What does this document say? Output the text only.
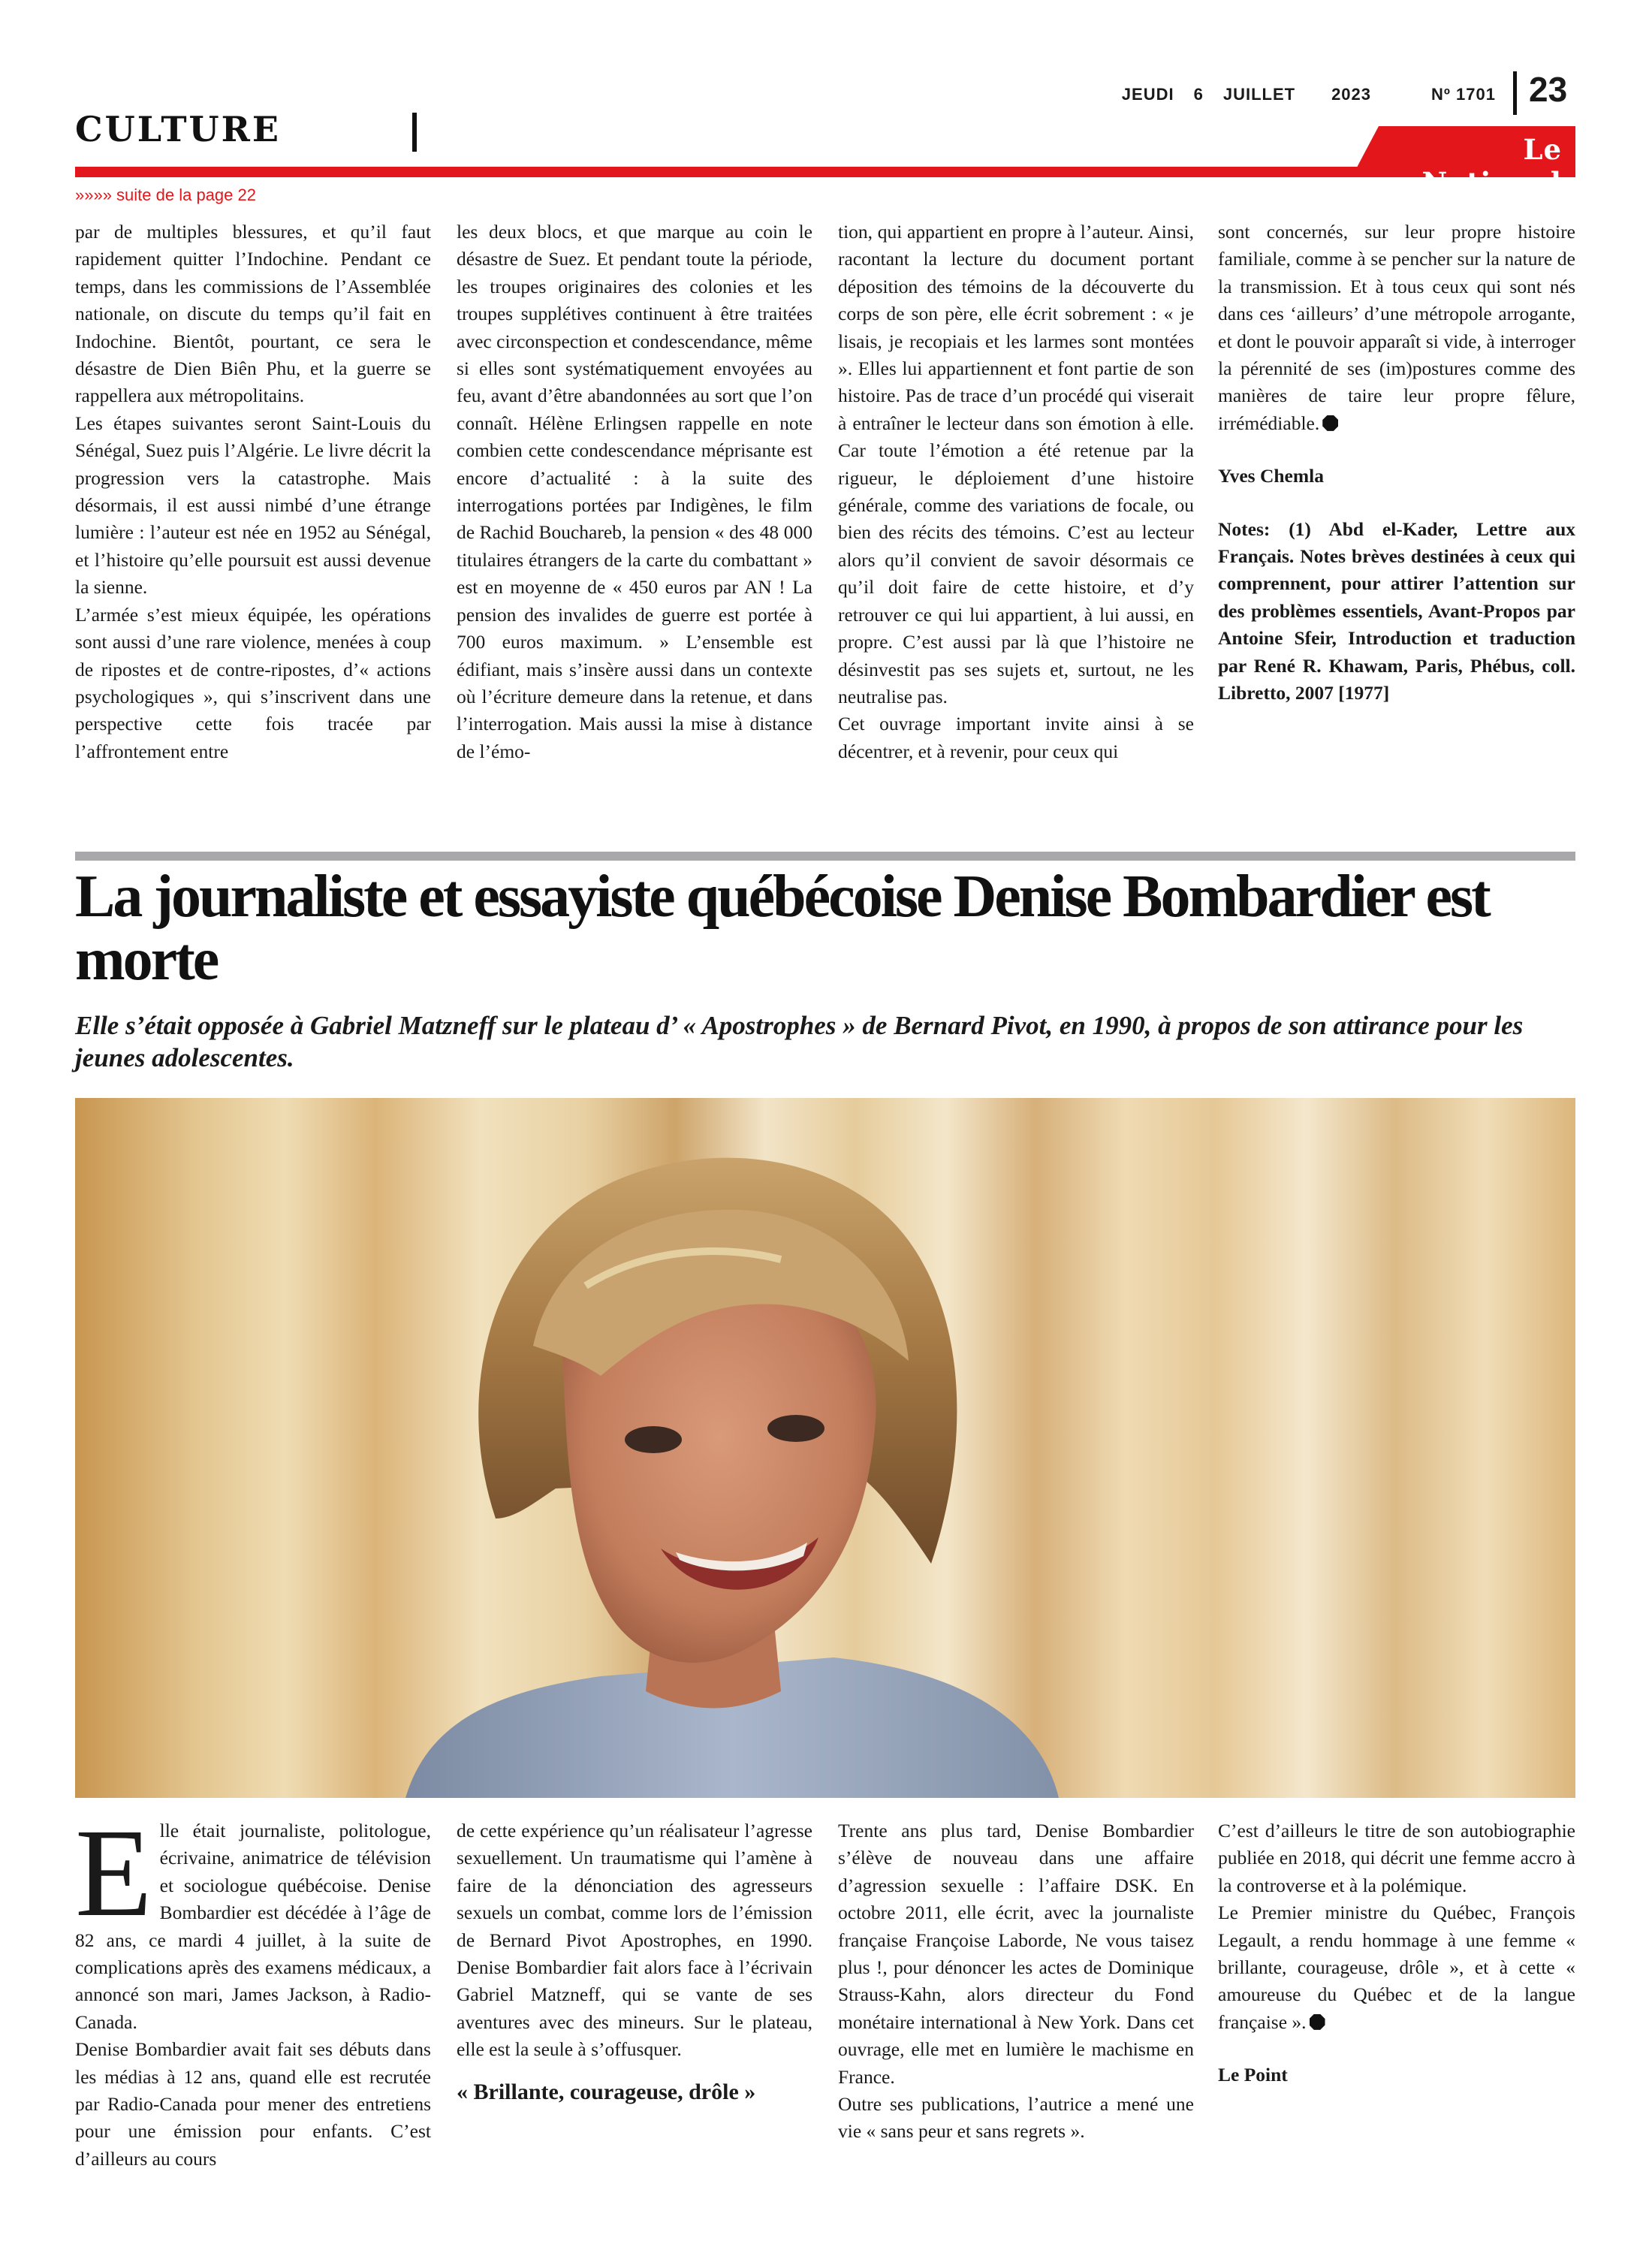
CULTURE
JEUDI 6 JUILLET 2023	Nº 1701 23
Le National
»»»» suite de la page 22

par de multiples blessures, et qu’il faut rapidement quitter l’Indochine. Pendant ce temps, dans les commissions de l’Assemblée nationale, on discute du temps qu’il fait en Indochine. Bientôt, pourtant, ce sera le désastre de Dien Biên Phu, et la guerre se rappellera aux métropolitains.

Les étapes suivantes seront Saint-Louis du Sénégal, Suez puis l’Algérie. Le livre décrit la progression vers la catastrophe. Mais désormais, il est aussi nimbé d’une étrange lumière : l’auteur est née en 1952 au Sénégal, et l’histoire qu’elle poursuit est aussi devenue la sienne.

L’armée s’est mieux équipée, les opérations sont aussi d’une rare violence, menées à coup de ripostes et de contre-ripostes, d’« actions psychologiques », qui s’inscrivent dans une perspective cette fois tracée par l’affrontement entre

les deux blocs, et que marque au coin le désastre de Suez. Et pendant toute la période, les troupes originaires des colonies et les troupes supplétives continuent à être traitées avec circonspection et condescendance, même si elles sont systématiquement envoyées au feu, avant d’être abandonnées au sort que l’on connaît. Hélène Erlingsen rappelle en note combien cette condescendance méprisante est encore d’actualité : à la suite des interrogations portées par Indigènes, le film de Rachid Bouchareb, la pension « des 48 000 titulaires étrangers de la carte du combattant » est en moyenne de « 450 euros par AN ! La pension des invalides de guerre est portée à 700 euros maximum. » L’ensemble est édifiant, mais s’insère aussi dans un contexte où l’écriture demeure dans la retenue, et dans l’interrogation. Mais aussi la mise à distance de l’émo-

tion, qui appartient en propre à l’auteur. Ainsi, racontant la lecture du document portant déposition des témoins de la découverte du corps de son père, elle écrit sobrement : « je lisais, je recopiais et les larmes sont montées ». Elles lui appartiennent et font partie de son histoire. Pas de trace d’un procédé qui viserait à entraîner le lecteur dans son émotion à elle. Car toute l’émotion a été retenue par la rigueur, le déploiement d’une histoire générale, comme des variations de focale, ou bien des récits des témoins. C’est au lecteur alors qu’il convient de savoir désormais ce qu’il doit faire de cette histoire, et d’y retrouver ce qui lui appartient, à lui aussi, en propre. C’est aussi par là que l’histoire ne désinvestit pas ses sujets et, surtout, ne les neutralise pas.

Cet ouvrage important invite ainsi à se décentrer, et à revenir, pour ceux qui

sont concernés, sur leur propre histoire familiale, comme à se pencher sur la nature de la transmission. Et à tous ceux qui sont nés dans ces ‘ailleurs’ d’une métropole arrogante, et dont le pouvoir apparaît si vide, à interroger la pérennité de ses (im)postures comme des manières de taire leur propre fêlure, irrémédiable.

Yves Chemla

Notes: (1) Abd el-Kader, Lettre aux Français. Notes brèves destinées à ceux qui comprennent, pour attirer l’attention sur des problèmes essentiels, Avant-Propos par Antoine Sfeir, Introduction et traduction par René R. Khawam, Paris, Phébus, coll. Libretto, 2007 [1977]

La journaliste et essayiste québécoise Denise Bombardier est morte
Elle s’était opposée à Gabriel Matzneff sur le plateau d’ « Apostrophes » de Bernard Pivot, en 1990, à propos de son attirance pour les jeunes adolescentes.

Elle était journaliste, politologue, écrivaine, animatrice de télévision et sociologue québécoise. Denise Bombardier est décédée à l’âge de 82 ans, ce mardi 4 juillet, à la suite de complications après des examens médicaux, a annoncé son mari, James Jackson, à Radio-Canada.

Denise Bombardier avait fait ses débuts dans les médias à 12 ans, quand elle est recrutée par Radio-Canada pour mener des entretiens pour une émission pour enfants. C’est d’ailleurs au cours

de cette expérience qu’un réalisateur l’agresse sexuellement. Un traumatisme qui l’amène à faire de la dénonciation des agresseurs sexuels un combat, comme lors de l’émission de Bernard Pivot Apostrophes, en 1990. Denise Bombardier fait alors face à l’écrivain Gabriel Matzneff, qui se vante de ses aventures avec des mineurs. Sur le plateau, elle est la seule à s’offusquer.

« Brillante, courageuse, drôle »

Trente ans plus tard, Denise Bombardier s’élève de nouveau dans une affaire d’agression sexuelle : l’affaire DSK. En octobre 2011, elle écrit, avec la journaliste française Françoise Laborde, Ne vous taisez plus !, pour dénoncer les actes de Dominique Strauss-Kahn, alors directeur du Fond monétaire international à New York. Dans cet ouvrage, elle met en lumière le machisme en France.

Outre ses publications, l’autrice a mené une vie « sans peur et sans regrets ».

C’est d’ailleurs le titre de son autobiographie publiée en 2018, qui décrit une femme accro à la controverse et à la polémique.

Le Premier ministre du Québec, François Legault, a rendu hommage à une femme « brillante, courageuse, drôle », et à cette « amoureuse du Québec et de la langue française ».

Le Point
